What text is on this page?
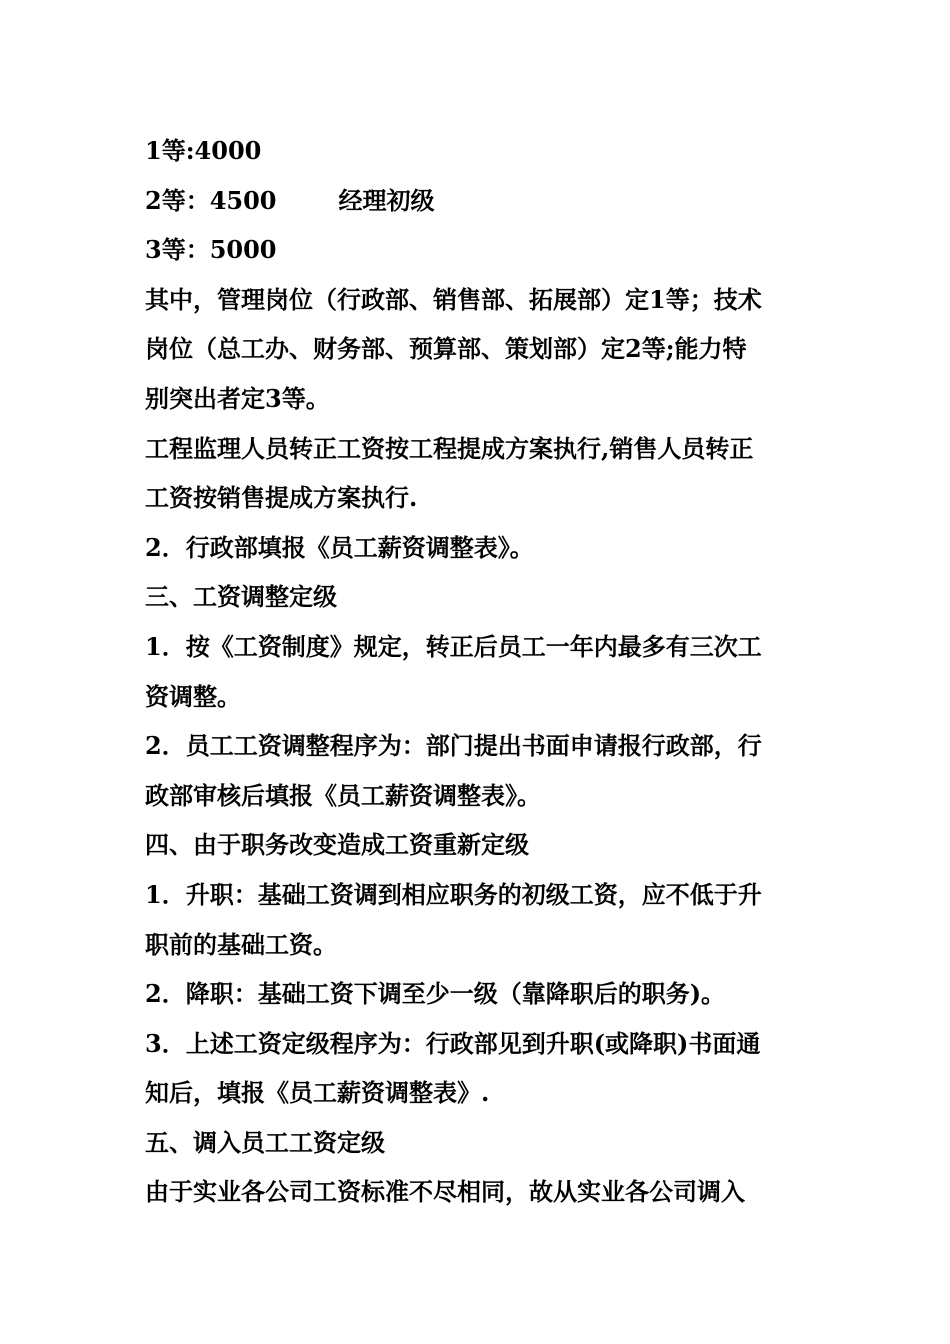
1等:4000
2等：4500	经理初级
3等：5000
其中，管理岗位（行政部、销售部、拓展部）定1等；技术
岗位（总工办、财务部、预算部、策划部）定2等;能力特
别突出者定3等。
工程监理人员转正工资按工程提成方案执行,销售人员转正
工资按销售提成方案执行.
2．行政部填报《员工薪资调整表》。
三、工资调整定级
1．按《工资制度》规定，转正后员工一年内最多有三次工
资调整。
2．员工工资调整程序为：部门提出书面申请报行政部，行
政部审核后填报《员工薪资调整表》。
四、由于职务改变造成工资重新定级
1．升职：基础工资调到相应职务的初级工资，应不低于升
职前的基础工资。
2．降职：基础工资下调至少一级（靠降职后的职务)。
3．上述工资定级程序为：行政部见到升职(或降职)书面通
知后，填报《员工薪资调整表》.
五、调入员工工资定级
由于实业各公司工资标准不尽相同，故从实业各公司调入
